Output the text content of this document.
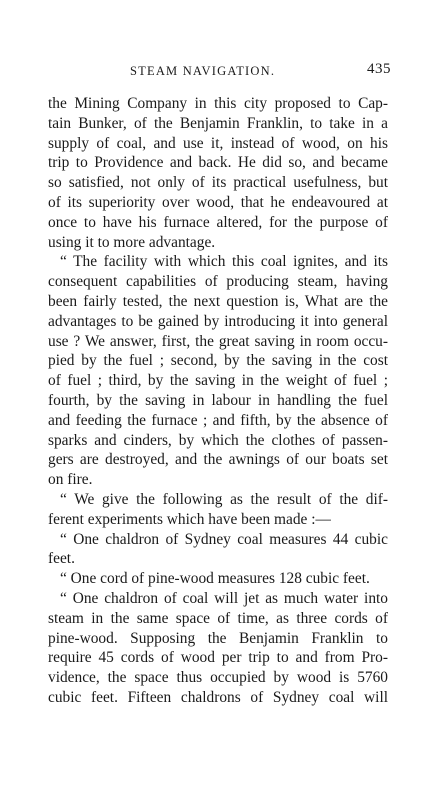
STEAM NAVIGATION.	435
the Mining Company in this city proposed to Cap-
tain Bunker, of the Benjamin Franklin, to take in a
supply of coal, and use it, instead of wood, on his
trip to Providence and back. He did so, and became
so satisfied, not only of its practical usefulness, but
of its superiority over wood, that he endeavoured at
once to have his furnace altered, for the purpose of
using it to more advantage.
“ The facility with which this coal ignites, and its
consequent capabilities of producing steam, having
been fairly tested, the next question is, What are the
advantages to be gained by introducing it into general
use ? We answer, first, the great saving in room occu-
pied by the fuel ; second, by the saving in the cost
of fuel ; third, by the saving in the weight of fuel ;
fourth, by the saving in labour in handling the fuel
and feeding the furnace ; and fifth, by the absence of
sparks and cinders, by which the clothes of passen-
gers are destroyed, and the awnings of our boats set
on fire.
“ We give the following as the result of the dif-
ferent experiments which have been made :—
“ One chaldron of Sydney coal measures 44 cubic
feet.
“ One cord of pine-wood measures 128 cubic feet.
“ One chaldron of coal will jet as much water into
steam in the same space of time, as three cords of
pine-wood. Supposing the Benjamin Franklin to
require 45 cords of wood per trip to and from Pro-
vidence, the space thus occupied by wood is 5760
cubic feet. Fifteen chaldrons of Sydney coal will
